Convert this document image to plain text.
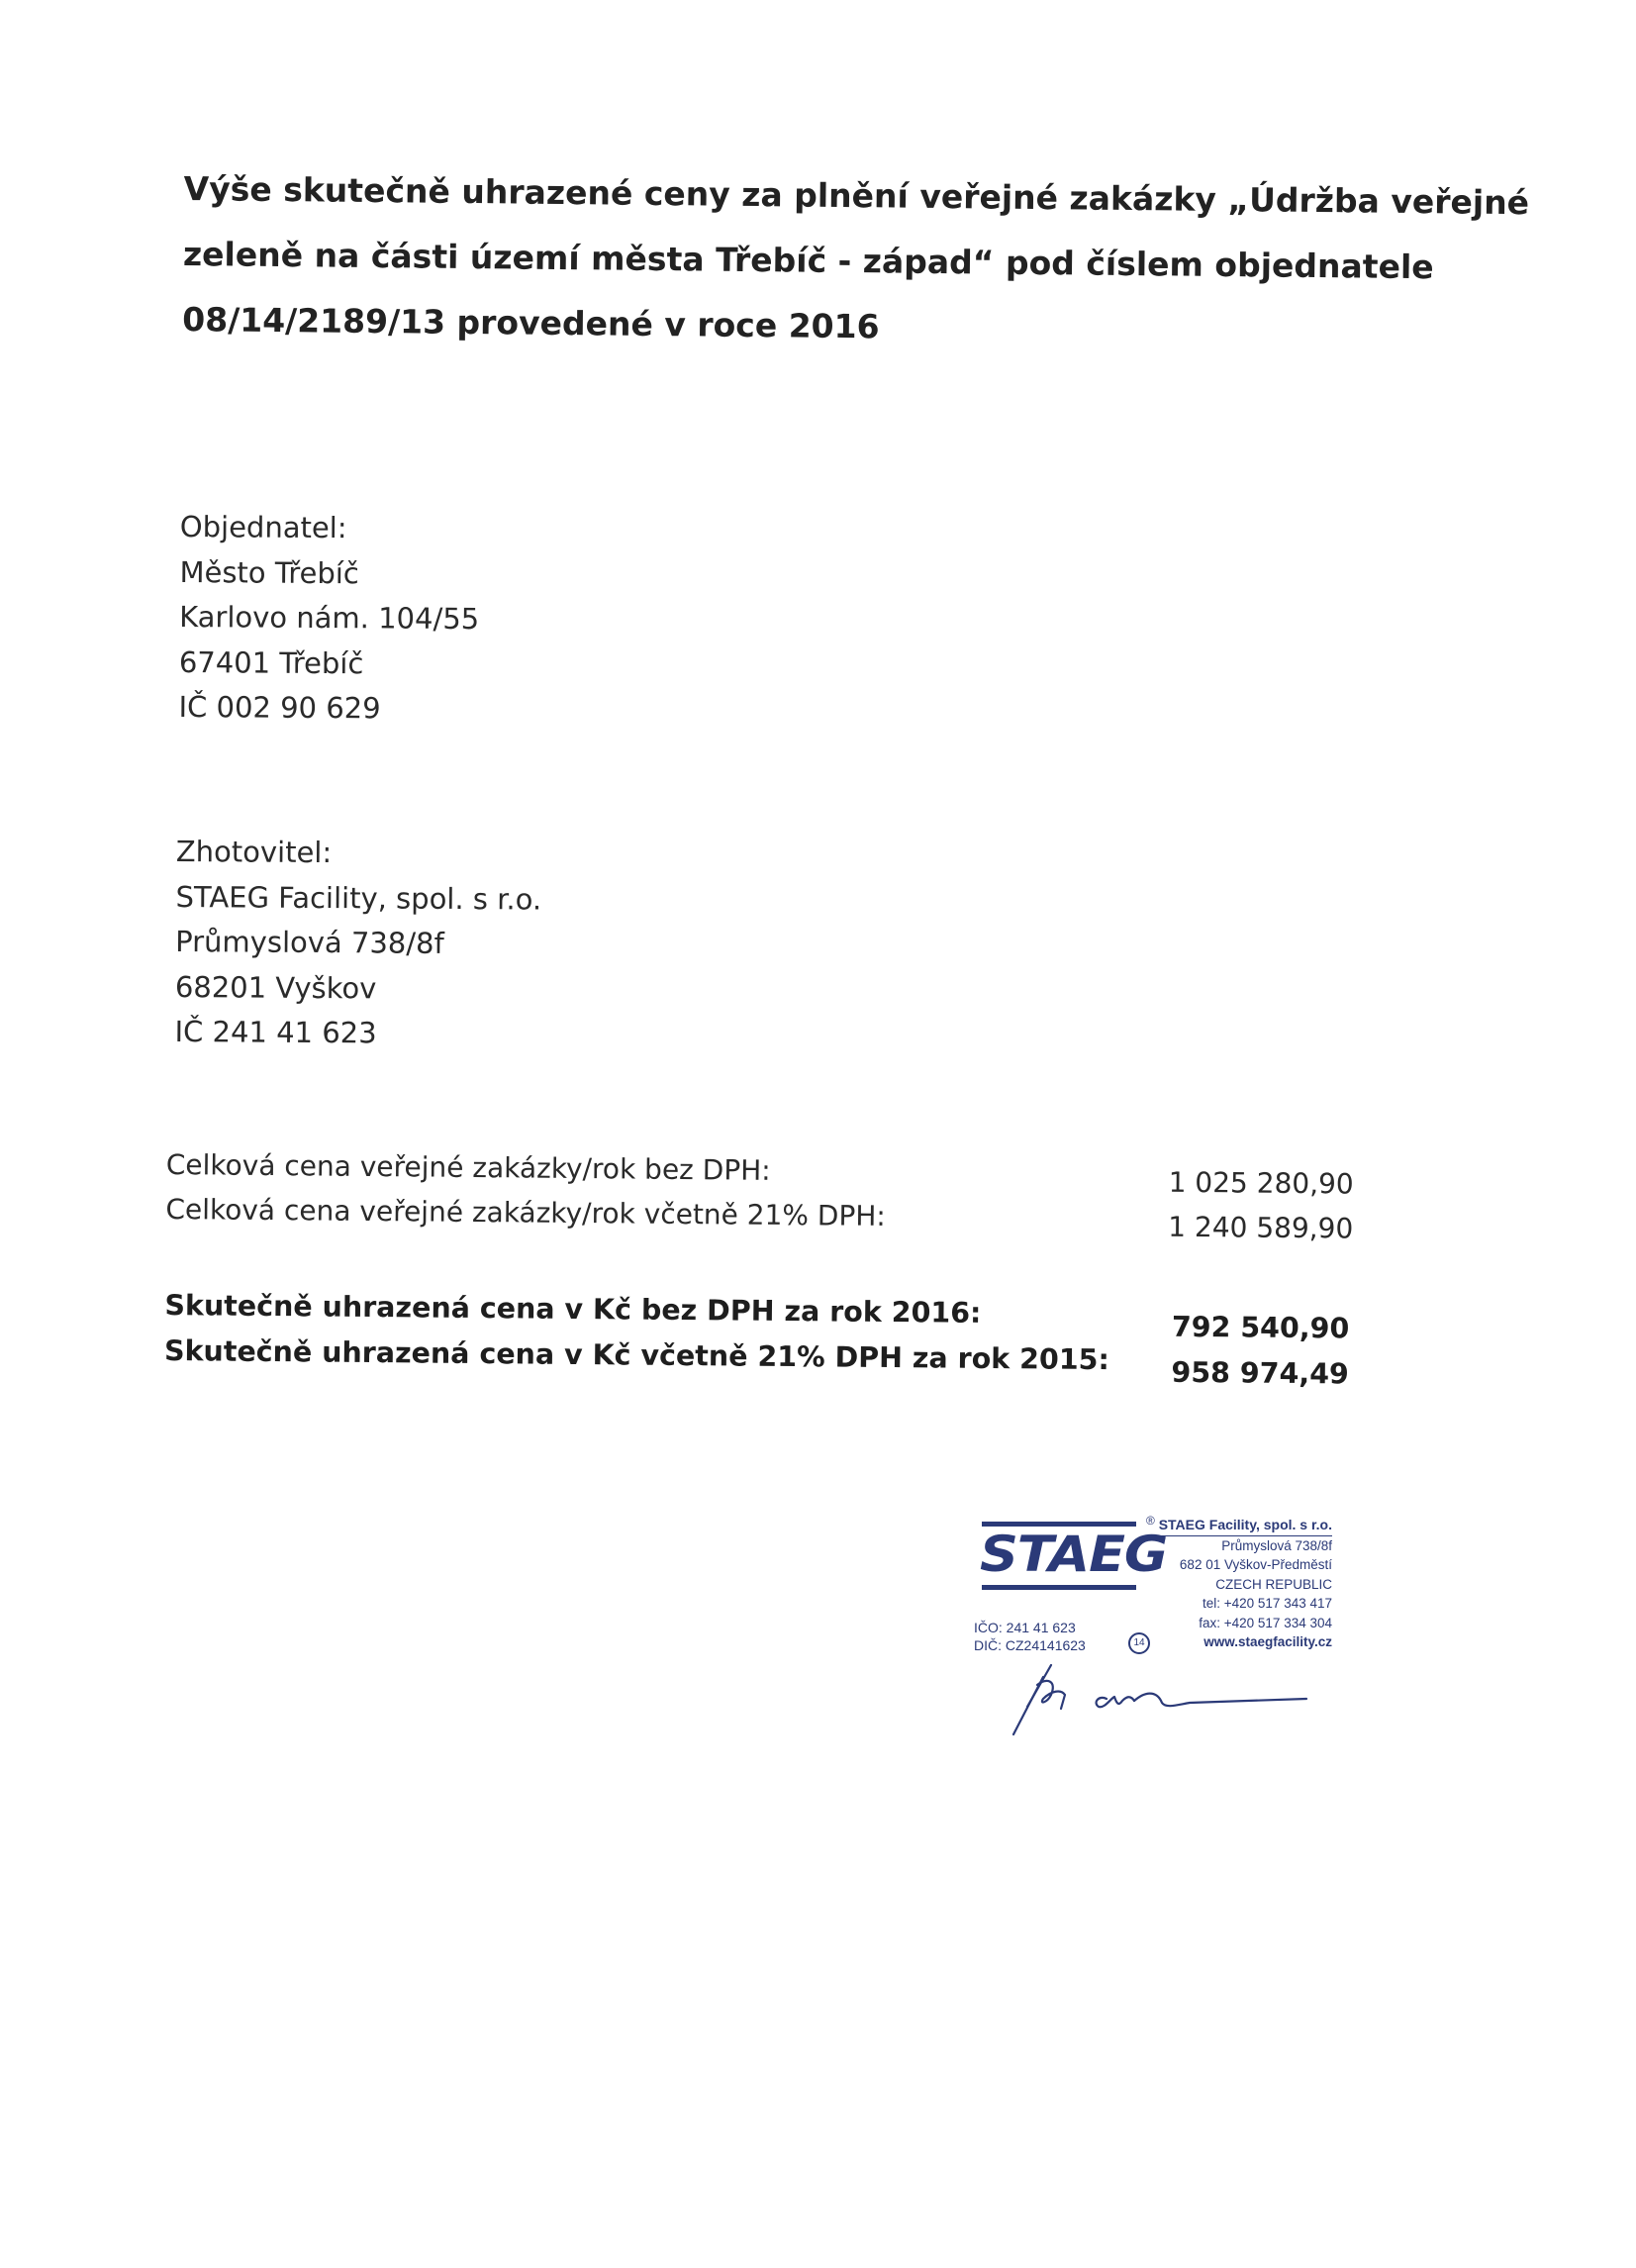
Výše skutečně uhrazené ceny za plnění veřejné zakázky „Údržba veřejné
zeleně na části území města Třebíč - západ“ pod číslem objednatele
08/14/2189/13 provedené v roce 2016
Objednatel:
Město Třebíč
Karlovo nám. 104/55
67401 Třebíč
IČ 002 90 629
Zhotovitel:
STAEG Facility, spol. s r.o.
Průmyslová 738/8f
68201 Vyškov
IČ 241 41 623
Celková cena veřejné zakázky/rok bez DPH:	1 025 280,90
Celková cena veřejné zakázky/rok včetně 21% DPH:	1 240 589,90
Skutečně uhrazená cena v Kč bez DPH za rok 2016:	792 540,90
Skutečně uhrazená cena v Kč včetně 21% DPH za rok 2015: 958 974,49
®
STAEG
IČO: 241 41 623
DIČ: CZ24141623	14
STAEG Facility, spol. s r.o.
Průmyslová 738/8f
682 01 Vyškov-Předměstí
CZECH REPUBLIC
tel: +420 517 343 417
fax: +420 517 334 304
www.staegfacility.cz
